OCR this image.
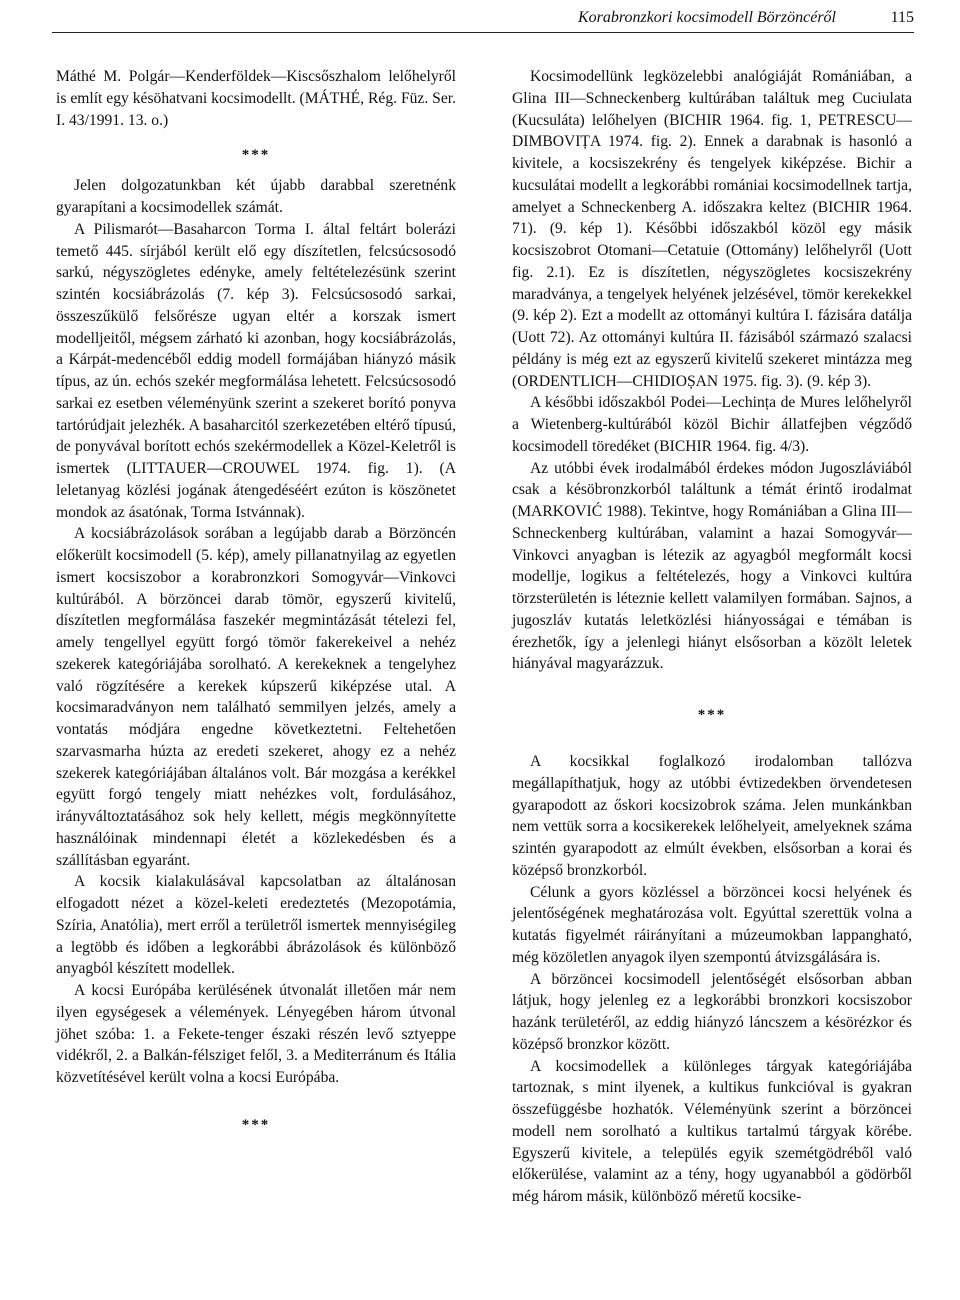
Korabronzkori kocsimodell Börzöncéről	115

Máthé M. Polgár—Kenderföldek—Kiscsőszhalom lelőhelyről is említ egy késöhatvani kocsimodellt. (MÁTHÉ, Rég. Füz. Ser. I. 43/1991. 13. o.)

***

Jelen dolgozatunkban két újabb darabbal szeretnénk gyarapítani a kocsimodellek számát.

A Pilismarót—Basaharcon Torma I. által feltárt bolerázi temető 445. sírjából került elő egy díszítetlen, felcsúcsosodó sarkú, négyszögletes edényke, amely feltételezésünk szerint szintén kocsiábrázolás (7. kép 3). Felcsúcsosodó sarkai, összeszűkülő felsőrésze ugyan eltér a korszak ismert modelljeitől, mégsem zárható ki azonban, hogy kocsiábrázolás, a Kárpát-medencéből eddig modell formájában hiányzó másik típus, az ún. echós szekér megformálása lehetett. Felcsúcsosodó sarkai ez esetben véleményünk szerint a szekeret borító ponyva tartórúdjait jelezhék. A basaharcitól szerkezetében eltérő típusú, de ponyvával borított echós szekérmodellek a Közel-Keletről is ismertek (LITTAUER—CROUWEL 1974. fig. 1). (A leletanyag közlési jogának átengedéséért ezúton is köszönetet mondok az ásatónak, Torma Istvánnak).

A kocsiábrázolások sorában a legújabb darab a Börzöncén előkerült kocsimodell (5. kép), amely pillanatnyilag az egyetlen ismert kocsiszobor a korabronzkori Somogyvár—Vinkovci kultúrából. A börzöncei darab tömör, egyszerű kivitelű, díszítetlen megformálása faszekér megmintázását tételezi fel, amely tengellyel együtt forgó tömör fakerekeivel a nehéz szekerek kategóriájába sorolható. A kerekeknek a tengelyhez való rögzítésére a kerekek kúpszerű kiképzése utal. A kocsimaradványon nem található semmilyen jelzés, amely a vontatás módjára engedne következtetni. Feltehetően szarvasmarha húzta az eredeti szekeret, ahogy ez a nehéz szekerek kategóriájában általános volt. Bár mozgása a kerékkel együtt forgó tengely miatt nehézkes volt, fordulásához, irányváltoztatásához sok hely kellett, mégis megkönnyítette használóinak mindennapi életét a közlekedésben és a szállításban egyaránt.

A kocsik kialakulásával kapcsolatban az általánosan elfogadott nézet a közel-keleti eredeztetés (Mezopotámia, Szíria, Anatólia), mert erről a területről ismertek mennyiségileg a legtöbb és időben a legkorábbi ábrázolások és különböző anyagból készített modellek.

A kocsi Európába kerülésének útvonalát illetően már nem ilyen egységesek a vélemények. Lényegében három útvonal jöhet szóba: 1. a Fekete-tenger északi részén levő sztyeppe vidékről, 2. a Balkán-félsziget felől, 3. a Mediterránum és Itália közvetítésével került volna a kocsi Európába.

***

Kocsimodellünk legközelebbi analógiáját Romániában, a Glina III—Schneckenberg kultúrában találtuk meg Cuciulata (Kucsuláta) lelőhelyen (BICHIR 1964. fig. 1, PETRESCU—DIMBOVIȚA 1974. fig. 2). Ennek a darabnak is hasonló a kivitele, a kocsiszekrény és tengelyek kiképzése. Bichir a kucsulátai modellt a legkorábbi romániai kocsimodellnek tartja, amelyet a Schneckenberg A. időszakra keltez (BICHIR 1964. 71). (9. kép 1). Későbbi időszakból közöl egy másik kocsiszobrot Otomani—Cetatuie (Ottomány) lelőhelyről (Uott fig. 2.1). Ez is díszítetlen, négyszögletes kocsiszekrény maradványa, a tengelyek helyének jelzésével, tömör kerekekkel (9. kép 2). Ezt a modellt az ottományi kultúra I. fázisára datálja (Uott 72). Az ottományi kultúra II. fázisából származó szalacsi példány is még ezt az egyszerű kivitelű szekeret mintázza meg (ORDENTLICH—CHIDIOȘAN 1975. fig. 3). (9. kép 3).

A későbbi időszakból Podei—Lechința de Mures lelőhelyről a Wietenberg-kultúrából közöl Bichir állatfejben végződő kocsimodell töredéket (BICHIR 1964. fig. 4/3).

Az utóbbi évek irodalmából érdekes módon Jugoszláviából csak a késöbronzkorból találtunk a témát érintő irodalmat (MARKOVIĆ 1988). Tekintve, hogy Romániában a Glina III—Schneckenberg kultúrában, valamint a hazai Somogyvár—Vinkovci anyagban is létezik az agyagból megformált kocsi modellje, logikus a feltételezés, hogy a Vinkovci kultúra törzsterületén is léteznie kellett valamilyen formában. Sajnos, a jugoszláv kutatás leletközlési hiányosságai e témában is érezhetők, így a jelenlegi hiányt elsősorban a közölt leletek hiányával magyarázzuk.

***

A kocsikkal foglalkozó irodalomban tallózva megállapíthatjuk, hogy az utóbbi évtizedekben örvendetesen gyarapodott az őskori kocsizobrok száma. Jelen munkánkban nem vettük sorra a kocsikerekek lelőhelyeit, amelyeknek száma szintén gyarapodott az elmúlt években, elsősorban a korai és középső bronzkorból.

Célunk a gyors közléssel a börzöncei kocsi helyének és jelentőségének meghatározása volt. Egyúttal szerettük volna a kutatás figyelmét ráirányítani a múzeumokban lappangható, még közöletlen anyagok ilyen szempontú átvizsgálására is.

A börzöncei kocsimodell jelentőségét elsősorban abban látjuk, hogy jelenleg ez a legkorábbi bronzkori kocsiszobor hazánk területéről, az eddig hiányzó láncszem a késörézkor és középső bronzkor között.

A kocsimodellek a különleges tárgyak kategóriájába tartoznak, s mint ilyenek, a kultikus funkcióval is gyakran összefüggésbe hozhatók. Véleményünk szerint a börzöncei modell nem sorolható a kultikus tartalmú tárgyak körébe. Egyszerű kivitele, a település egyik szemétgödréből való előkerülése, valamint az a tény, hogy ugyanabból a gödörből még három másik, különböző méretű kocsike-
